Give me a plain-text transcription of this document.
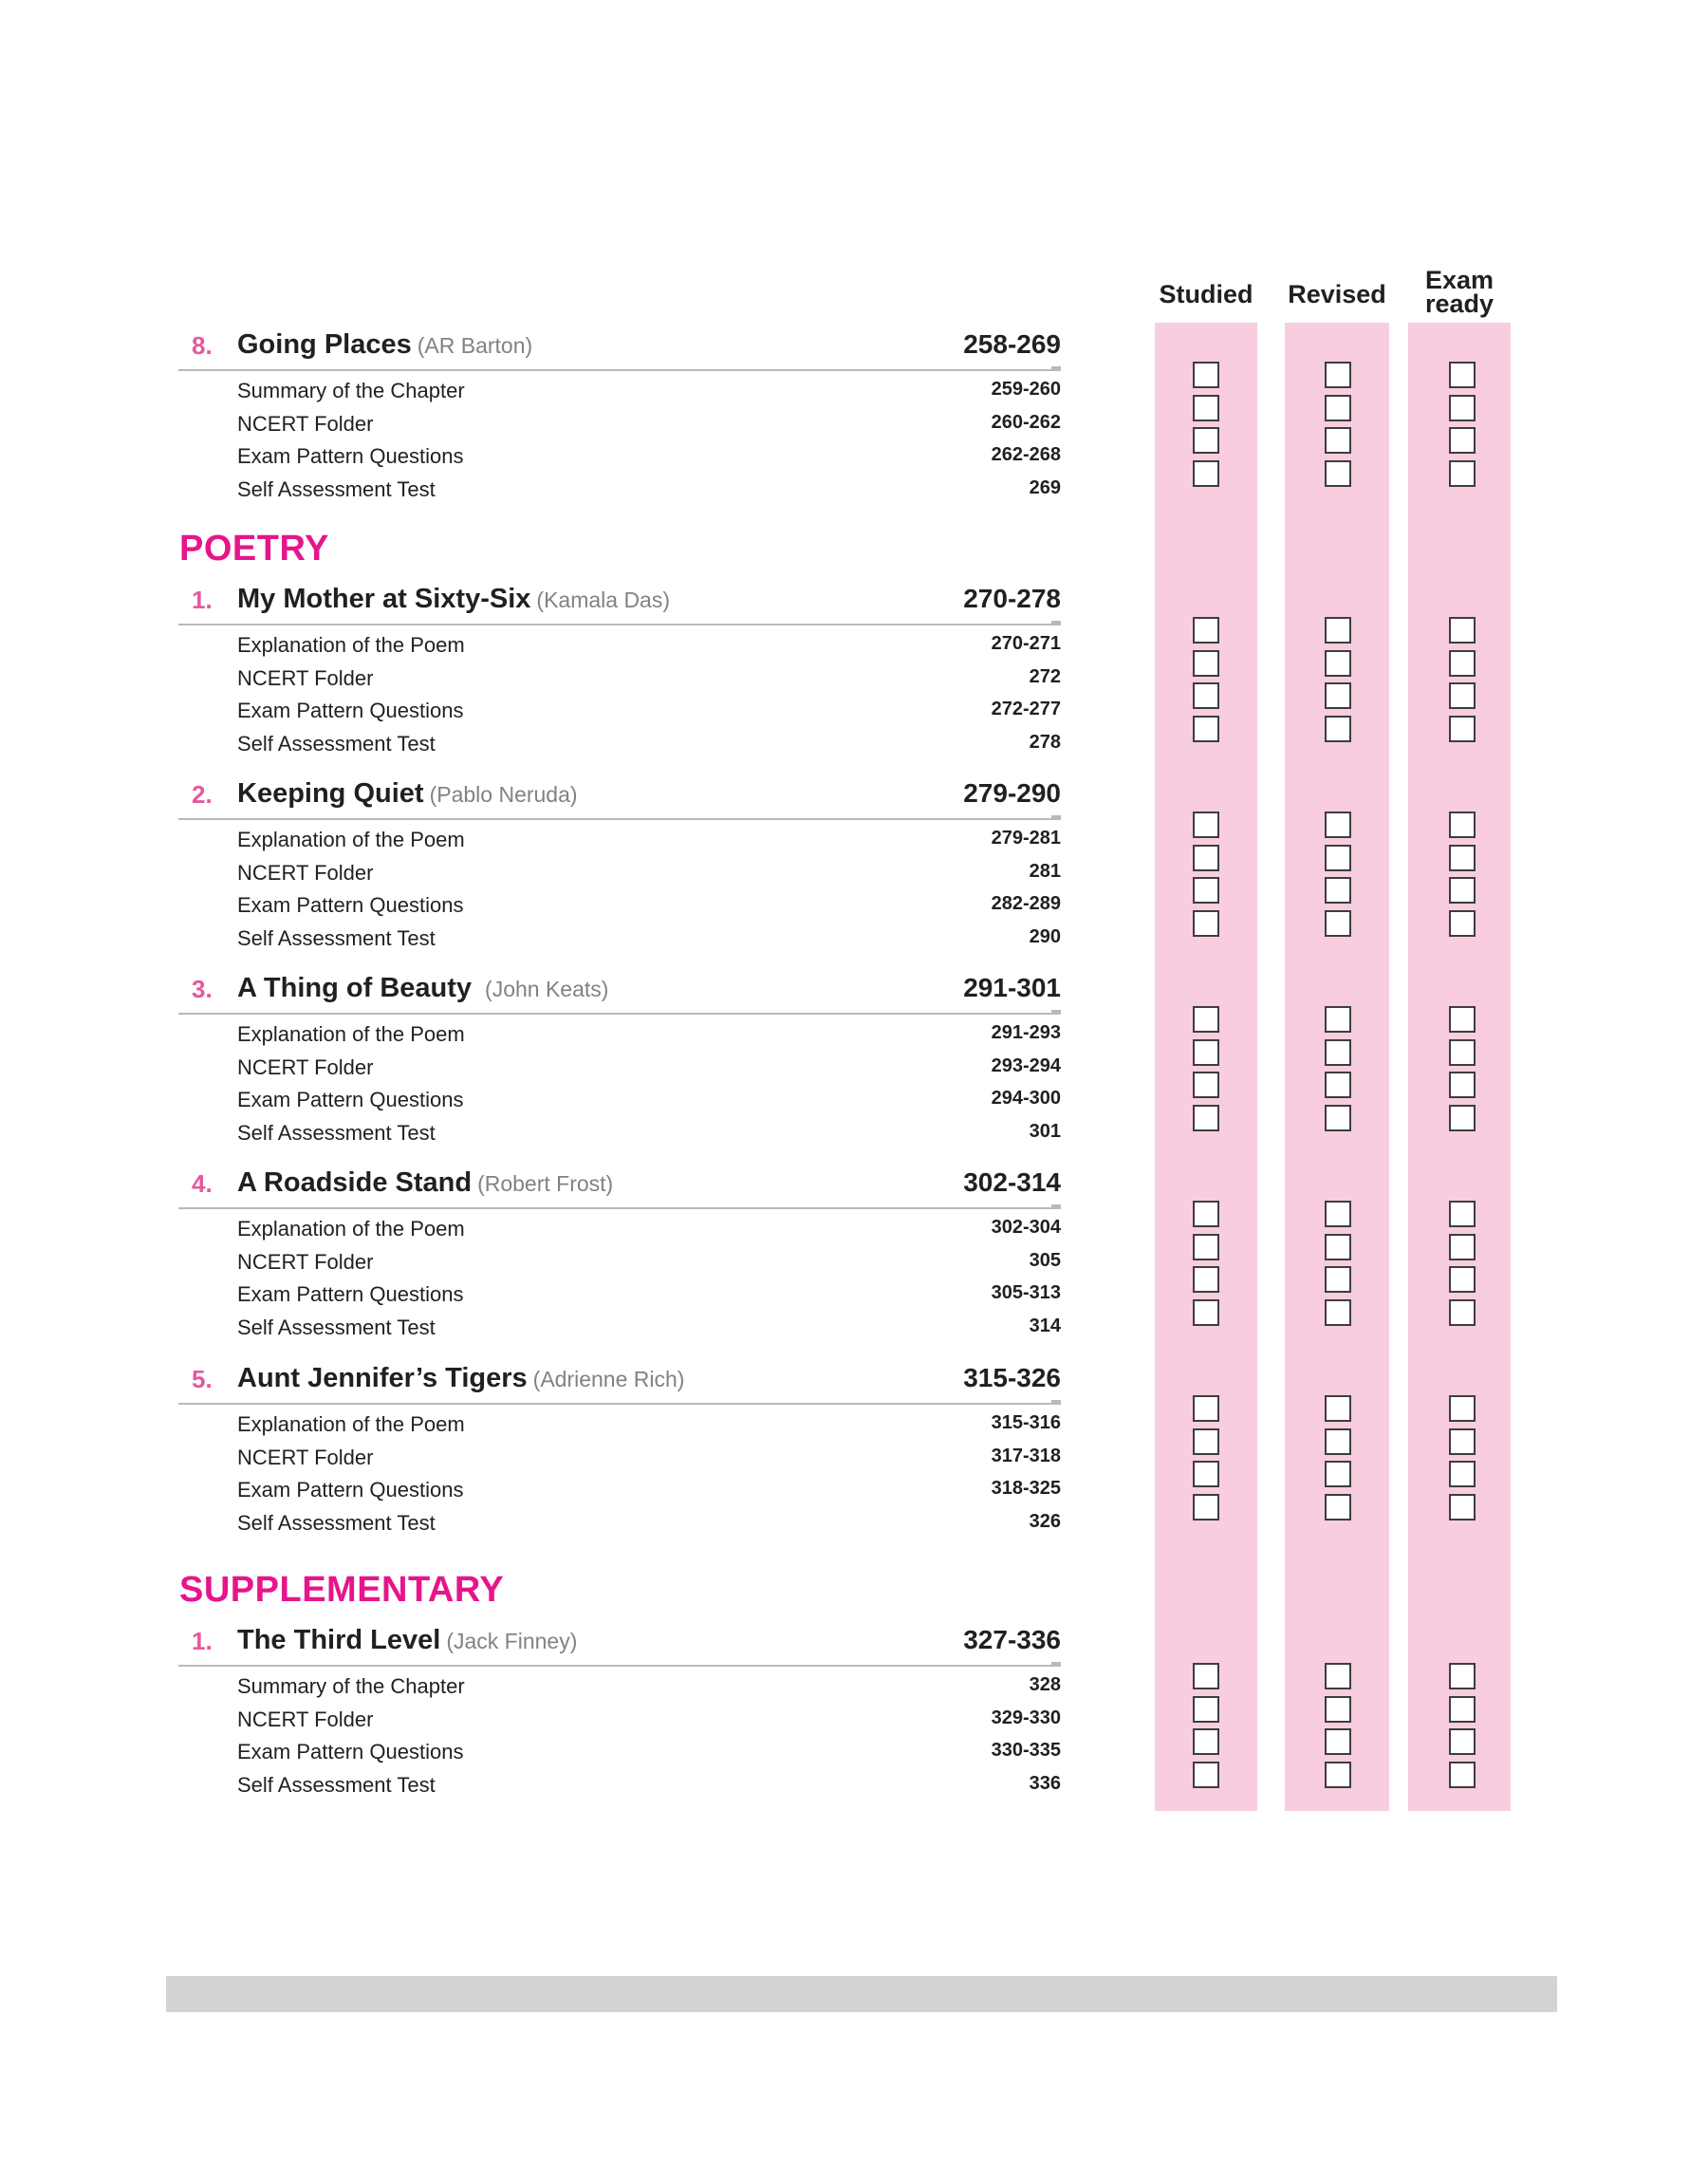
Studied Revised	Exam ready
POETRY
SUPPLEMENTARY
8. Going Places (AR Barton)	258-269
Summary of the Chapter	259-260
NCERT Folder	260-262
Exam Pattern Questions	262-268
Self Assessment Test	269
1. My Mother at Sixty-Six (Kamala Das)	270-278
Explanation of the Poem	270-271
NCERT Folder	272
Exam Pattern Questions	272-277
Self Assessment Test	278
2. Keeping Quiet (Pablo Neruda)	279-290
Explanation of the Poem	279-281
NCERT Folder	281
Exam Pattern Questions	282-289
Self Assessment Test	290
3. A Thing of Beauty (John Keats)	291-301
Explanation of the Poem	291-293
NCERT Folder	293-294
Exam Pattern Questions	294-300
Self Assessment Test	301
4. A Roadside Stand (Robert Frost)	302-314
Explanation of the Poem	302-304
NCERT Folder	305
Exam Pattern Questions	305-313
Self Assessment Test	314
5. Aunt Jennifer’s Tigers (Adrienne Rich)	315-326
Explanation of the Poem	315-316
NCERT Folder	317-318
Exam Pattern Questions	318-325
Self Assessment Test	326
1. The Third Level (Jack Finney)	327-336
Summary of the Chapter	328
NCERT Folder	329-330
Exam Pattern Questions	330-335
Self Assessment Test	336
